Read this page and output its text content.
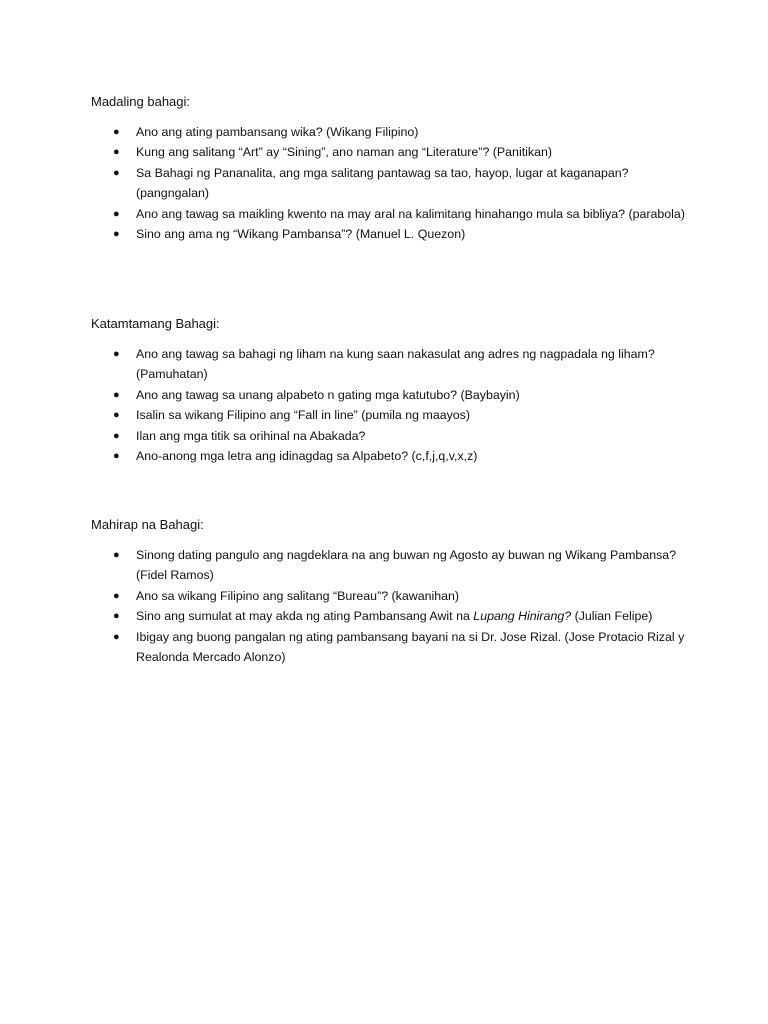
Madaling bahagi:
● Ano ang ating pambansang wika? (Wikang Filipino)
● Kung ang salitang “Art” ay “Sining”, ano naman ang “Literature”? (Panitikan)
● Sa Bahagi ng Pananalita, ang mga salitang pantawag sa tao, hayop, lugar at kaganapan? (pangngalan)
● Ano ang tawag sa maikling kwento na may aral na kalimitang hinahango mula sa bibliya? (parabola)
● Sino ang ama ng “Wikang Pambansa”? (Manuel L. Quezon)
Katamtamang Bahagi:
● Ano ang tawag sa bahagi ng liham na kung saan nakasulat ang adres ng nagpadala ng liham? (Pamuhatan)
● Ano ang tawag sa unang alpabeto n gating mga katutubo? (Baybayin)
● Isalin sa wikang Filipino ang “Fall in line” (pumila ng maayos)
● Ilan ang mga titik sa orihinal na Abakada?
● Ano-anong mga letra ang idinagdag sa Alpabeto? (c,f,j,q,v,x,z)
Mahirap na Bahagi:
● Sinong dating pangulo ang nagdeklara na ang buwan ng Agosto ay buwan ng Wikang Pambansa? (Fidel Ramos)
● Ano sa wikang Filipino ang salitang “Bureau”? (kawanihan)
● Sino ang sumulat at may akda ng ating Pambansang Awit na Lupang Hinirang? (Julian Felipe)
● Ibigay ang buong pangalan ng ating pambansang bayani na si Dr. Jose Rizal. (Jose Protacio Rizal y Realonda Mercado Alonzo)
